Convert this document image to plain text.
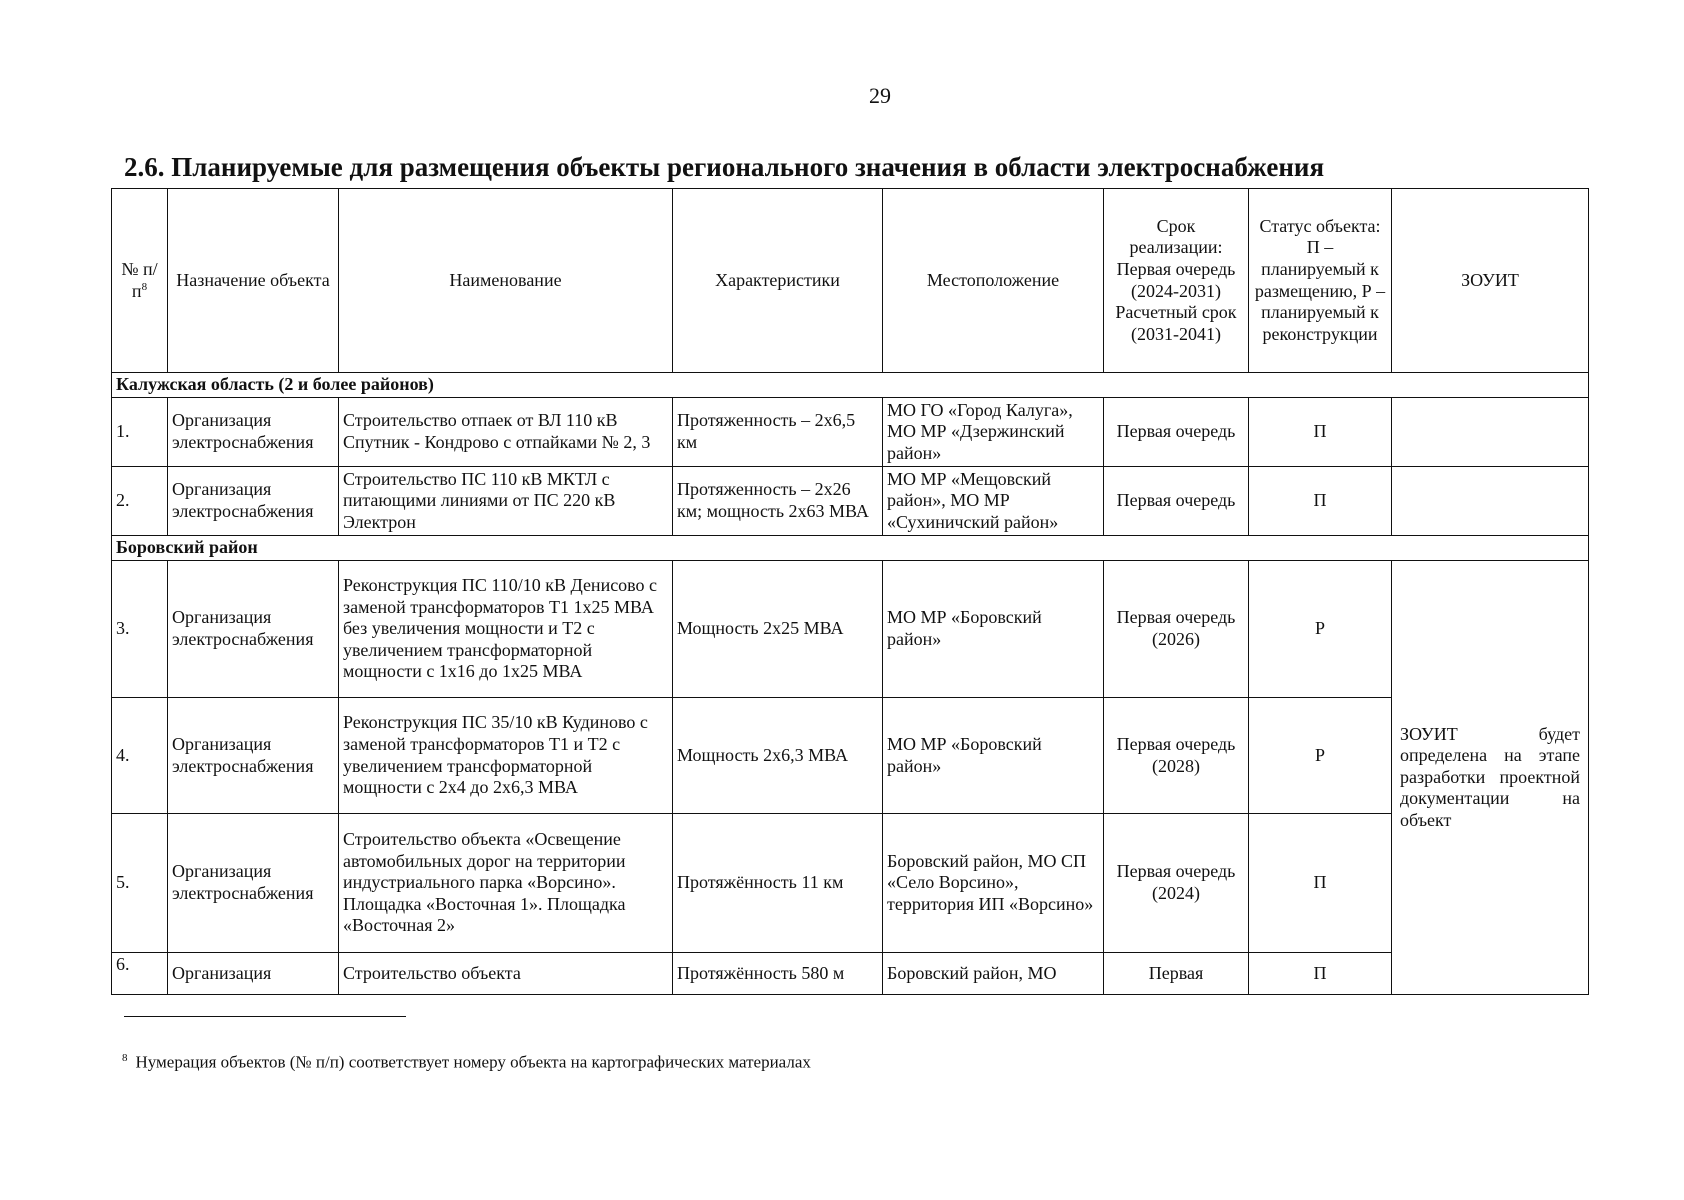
29
2.6. Планируемые для размещения объекты регионального значения в области электроснабжения
№ $п/п^8$	Назначение объекта	Наименование	Характеристики	Местоположение	Срок реализации: Первая очередь (2024-2031) Расчетный срок (2031-2041)	Статус объекта: П – планируемый к размещению, Р – планируемый к реконструкции	ЗОУИТ
Калужская область (2 и более районов)							
1.	Организация электроснабжения	Строительство отпаек от ВЛ 110 кВ Спутник - Кондрово с отпайками № 2, 3	Протяженность – 2х6,5 км	МО ГО «Город Калуга», МО МР «Дзержинский район»	Первая очередь	П	
2.	Организация электроснабжения	Строительство ПС 110 кВ МКТЛ с питающими линиями от ПС 220 кВ Электрон	Протяженность – 2х26 км; мощность 2х63 МВА	МО МР «Мещовский район», МО МР «Сухиничский район»	Первая очередь	П	
Боровский район							
3.	Организация электроснабжения	Реконструкция ПС 110/10 кВ Денисово с заменой трансформаторов Т1 1х25 МВА без увеличения мощности и Т2 с увеличением трансформаторной мощности с 1х16 до 1х25 МВА	Мощность 2х25 МВА	МО МР «Боровский район»	Первая очередь (2026)	Р	ЗОУИТ будет определена на этапе разработки проектной документации на объект
4.	Организация электроснабжения	Реконструкция ПС 35/10 кВ Кудиново с заменой трансформаторов Т1 и Т2 с увеличением трансформаторной мощности с 2х4 до 2х6,3 МВА	Мощность 2х6,3 МВА	МО МР «Боровский район»	Первая очередь (2028)	Р	
5.	Организация электроснабжения	Строительство объекта «Освещение автомобильных дорог на территории индустриального парка «Ворсино». Площадка «Восточная 1». Площадка «Восточная 2»	Протяжённость 11 км	Боровский район, МО СП «Село Ворсино», территория ИП «Ворсино»	Первая очередь (2024)	П	
6.	Организация	Строительство объекта	Протяжённость 580 м	Боровский район, МО	Первая	П	
$^8$ Нумерация объектов (№ п/п) соответствует номеру объекта на картографических материалах
